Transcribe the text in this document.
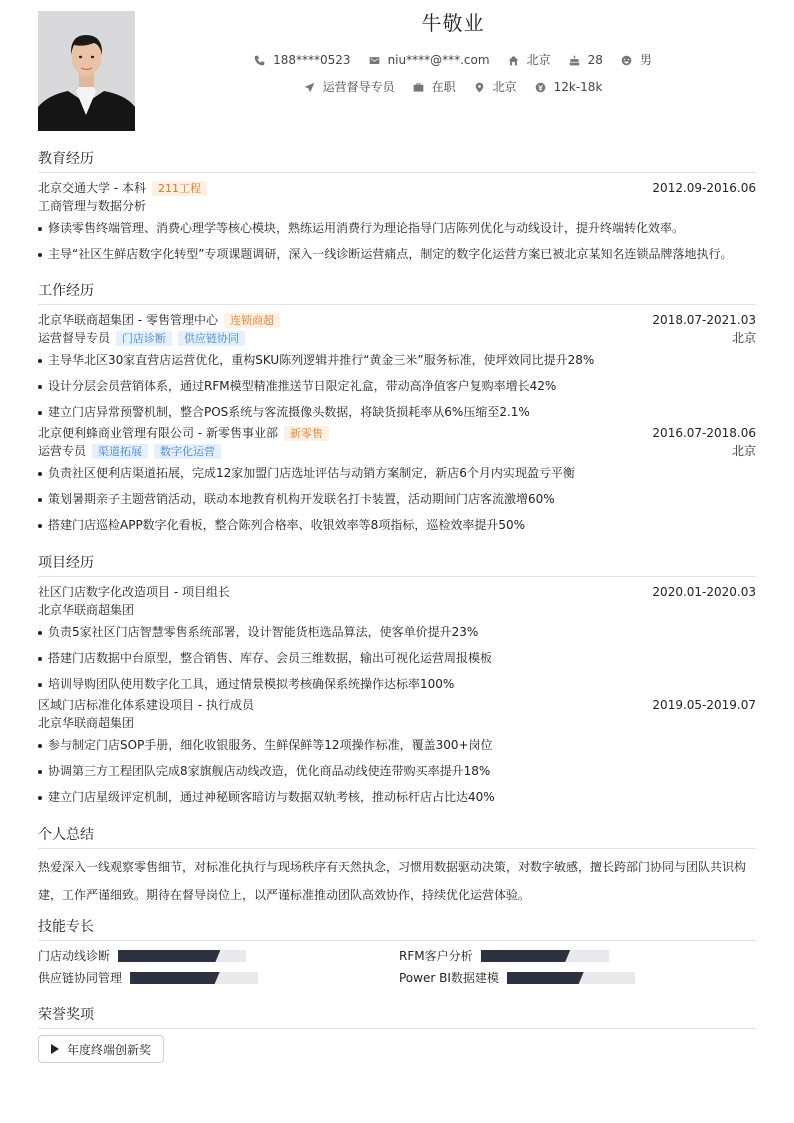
牛敬业
188****0523	niu****@***.com	北京	28	男
运营督导专员	在职	北京	12k-18k
教育经历
北京交通大学 - 本科	211工程	2012.09-2016.06
工商管理与数据分析
修读零售终端管理、消费心理学等核心模块，熟练运用消费行为理论指导门店陈列优化与动线设计，提升终端转化效率。
主导“社区生鲜店数字化转型”专项课题调研，深入一线诊断运营痛点，制定的数字化运营方案已被北京某知名连锁品牌落地执行。
工作经历
北京华联商超集团 - 零售管理中心	连锁商超	2018.07-2021.03
运营督导专员	门店诊断	供应链协同	北京
主导华北区30家直营店运营优化，重构SKU陈列逻辑并推行“黄金三米”服务标准，使坪效同比提升28%
设计分层会员营销体系，通过RFM模型精准推送节日限定礼盒，带动高净值客户复购率增长42%
建立门店异常预警机制，整合POS系统与客流摄像头数据，将缺货损耗率从6%压缩至2.1%
北京便利蜂商业管理有限公司 - 新零售事业部	新零售	2016.07-2018.06
运营专员	渠道拓展	数字化运营	北京
负责社区便利店渠道拓展，完成12家加盟门店选址评估与动销方案制定，新店6个月内实现盈亏平衡
策划暑期亲子主题营销活动，联动本地教育机构开发联名打卡装置，活动期间门店客流激增60%
搭建门店巡检APP数字化看板，整合陈列合格率、收银效率等8项指标，巡检效率提升50%
项目经历
社区门店数字化改造项目 - 项目组长	2020.01-2020.03
北京华联商超集团
负责5家社区门店智慧零售系统部署，设计智能货柜选品算法，使客单价提升23%
搭建门店数据中台原型，整合销售、库存、会员三维数据，输出可视化运营周报模板
培训导购团队使用数字化工具，通过情景模拟考核确保系统操作达标率100%
区域门店标准化体系建设项目 - 执行成员	2019.05-2019.07
北京华联商超集团
参与制定门店SOP手册，细化收银服务、生鲜保鲜等12项操作标准，覆盖300+岗位
协调第三方工程团队完成8家旗舰店动线改造，优化商品动线使连带购买率提升18%
建立门店星级评定机制，通过神秘顾客暗访与数据双轨考核，推动标杆店占比达40%
个人总结
热爱深入一线观察零售细节，对标准化执行与现场秩序有天然执念，习惯用数据驱动决策，对数字敏感，擅长跨部门协同与团队共识构建，工作严谨细致。期待在督导岗位上，以严谨标准推动团队高效协作，持续优化运营体验。
技能专长
门店动线诊断	RFM客户分析
供应链协同管理	Power BI数据建模
荣誉奖项
年度终端创新奖
